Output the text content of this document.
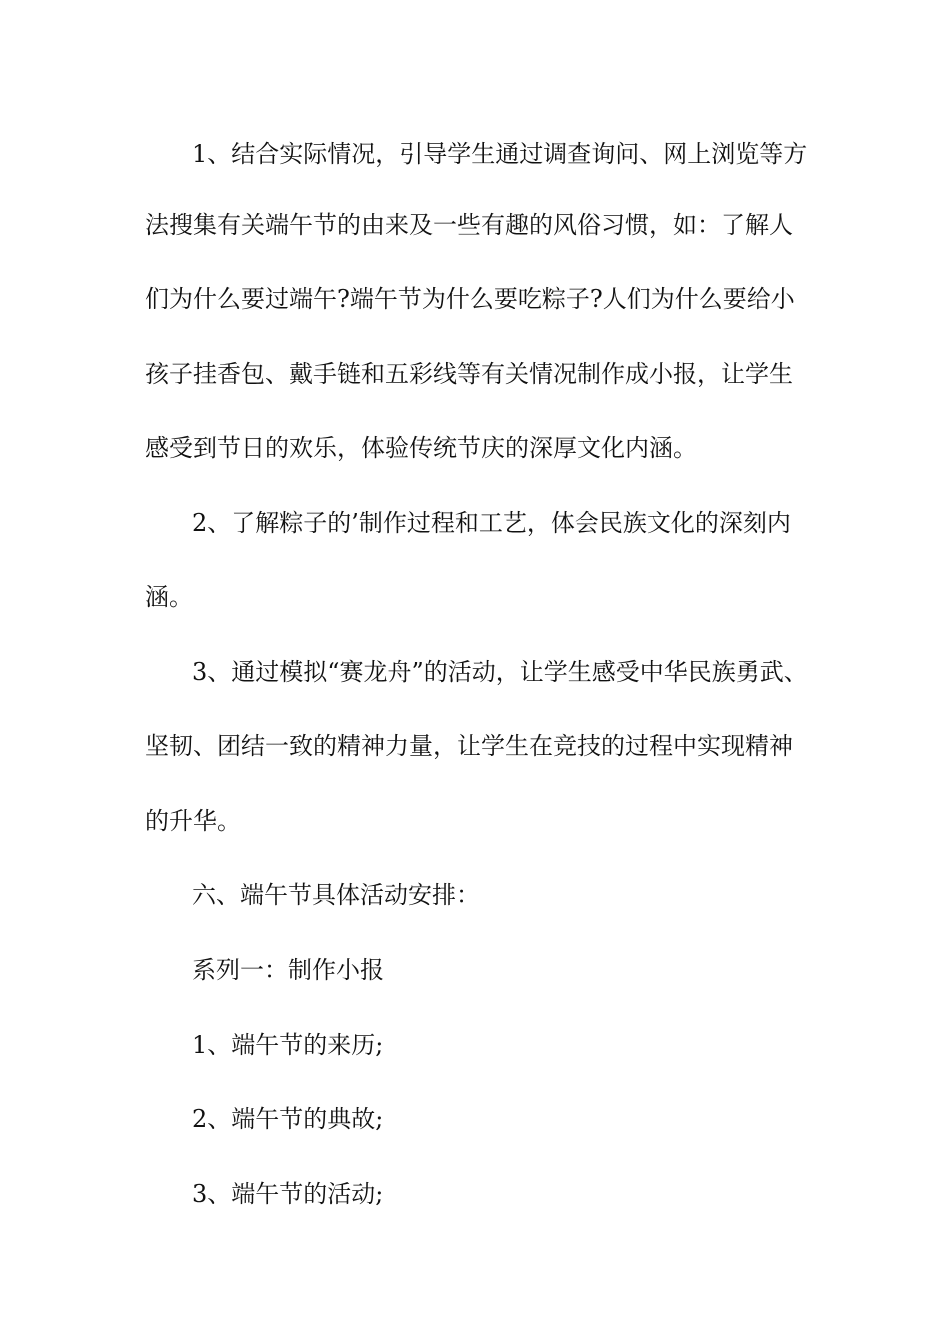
1、结合实际情况，引导学生通过调查询问、网上浏览等方
法搜集有关端午节的由来及一些有趣的风俗习惯，如：了解人
们为什么要过端午?端午节为什么要吃粽子?人们为什么要给小
孩子挂香包、戴手链和五彩线等有关情况制作成小报，让学生
感受到节日的欢乐，体验传统节庆的深厚文化内涵。
2、了解粽子的’制作过程和工艺，体会民族文化的深刻内
涵。
3、通过模拟“赛龙舟”的活动，让学生感受中华民族勇武、
坚韧、团结一致的精神力量，让学生在竞技的过程中实现精神
的升华。
六、端午节具体活动安排：
系列一：制作小报
1、端午节的来历;
2、端午节的典故;
3、端午节的活动;
